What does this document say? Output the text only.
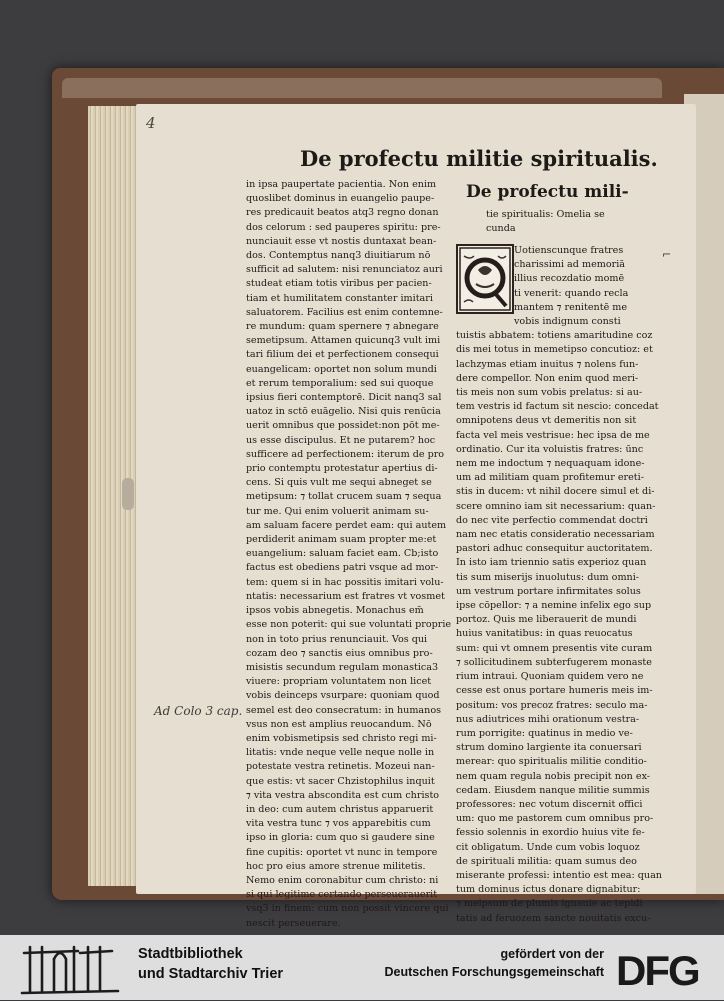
4
De profectu militie spiritualis.
in ipsa paupertate pacientia. Non enim
quoslibet dominus in euangelio paupe-
res predicauit beatos atq3 regno donan
dos celorum : sed pauperes spiritu: pre-
nunciauit esse vt nostis duntaxat bean-
dos. Contemptus nanq3 diuitiarum nō
sufficit ad salutem: nisi renunciatoz auri
studeat etiam totis viribus per pacien-
tiam et humilitatem constanter imitari
saluatorem. Facilius est enim contemne-
re mundum: quam spernere ⁊ abnegare
semetipsum. Attamen quicunq3 vult imi
tari filium dei et perfectionem consequi
euangelicam: oportet non solum mundi
et rerum temporalium: sed sui quoque
ipsius fieri contemptorē. Dicit nanq3 sal
uatoz in sctō euāgelio. Nisi quis renūcia
uerit omnibus que possidet:non pōt me-
us esse discipulus. Et ne putarem? hoc
sufficere ad perfectionem: iterum de pro
prio contemptu protestatur apertius di-
cens. Si quis vult me sequi abneget se
metipsum: ⁊ tollat crucem suam ⁊ sequa
tur me. Qui enim voluerit animam su-
am saluam facere perdet eam: qui autem
perdiderit animam suam propter me:et
euangelium: saluam faciet eam. Cb;isto
factus est obediens patri vsque ad mor-
tem: quem si in hac possitis imitari volu-
ntatis: necessarium est fratres vt vosmet
ipsos vobis abnegetis. Monachus em̄
esse non poterit: qui sue voluntati proprie
non in toto prius renunciauit. Vos qui
cozam deo ⁊ sanctis eius omnibus pro-
misistis secundum regulam monastica3
viuere: propriam voluntatem non licet
vobis deinceps vsurpare: quoniam quod
semel est deo consecratum: in humanos
vsus non est amplius reuocandum. Nō
enim vobismetipsis sed christo regi mi-
litatis: vnde neque velle neque nolle in
potestate vestra retinetis. Mozeui nan-
que estis: vt sacer Chzistophilus inquit
⁊ vita vestra abscondita est cum christo
in deo: cum autem christus apparuerit
vita vestra tunc ⁊ vos apparebitis cum
ipso in gloria: cum quo si gaudere sine
fine cupitis: oportet vt nunc in tempore
hoc pro eius amore strenue militetis.
Nemo enim coronabitur cum christo: ni
si qui legitime certando perseuerauerit
vsq3 in finem: cum non possit vincere qui
nescit perseuerare.
De profectu mili-
tie spiritualis: Omelia se
cunda
Uotienscunque fratres
charissimi ad memoriā
illius recozdatio momē
ti venerit: quando recla
mantem ⁊ renitentē me
vobis indignum consti
tuistis abbatem: totiens amaritudine coz
dis mei totus in memetipso concutioz: et
lachzymas etiam inuitus ⁊ nolens fun-
dere compellor. Non enim quod meri-
tis meis non sum vobis prelatus: si au-
tem vestris id factum sit nescio: concedat
omnipotens deus vt demeritis non sit
facta vel meis vestrisue: hec ipsa de me
ordinatio. Cur ita voluistis fratres: ūnc
nem me indoctum ⁊ nequaquam idone-
um ad militiam quam profitemur ereti-
stis in ducem: vt nihil docere simul et di-
scere omnino iam sit necessarium: quan-
do nec vite perfectio commendat doctri
nam nec etatis consideratio necessariam
pastori adhuc consequitur auctoritatem.
In isto iam triennio satis experioz quan
tis sum miserijs inuolutus: dum omni-
um vestrum portare infirmitates solus
ipse cōpellor: ⁊ a nemine infelix ego sup
portoz. Quis me liberauerit de mundi
huius vanitatibus: in quas reuocatus
sum: qui vt omnem presentis vite curam
⁊ sollicitudinem subterfugerem monaste
rium intraui. Quoniam quidem vero ne
cesse est onus portare humeris meis im-
positum: vos precoz fratres: seculo ma-
nus adiutrices mihi orationum vestra-
rum porrigite: quatinus in medio ve-
strum domino largiente ita conuersari
merear: quo spiritualis militie conditio-
nem quam regula nobis precipit non ex-
cedam. Eiusdem nanque militie summis
professores: nec votum discernit offici
um: quo me pastorem cum omnibus pro-
fessio solennis in exordio huius vite fe-
cit obligatum. Unde cum vobis loquoz
de spirituali militia: quam sumus deo
miserante professi: intentio est mea: quan
tum dominus ictus donare dignabitur:
⁊ meipsum de plumis ignauie ac tepidi
tatis ad feruozem sancte nouitatis excu-
Ad Colo 3 cap.
⌐
Stadtbibliothek
und Stadtarchiv Trier
gefördert von der
Deutschen Forschungsgemeinschaft DFG
